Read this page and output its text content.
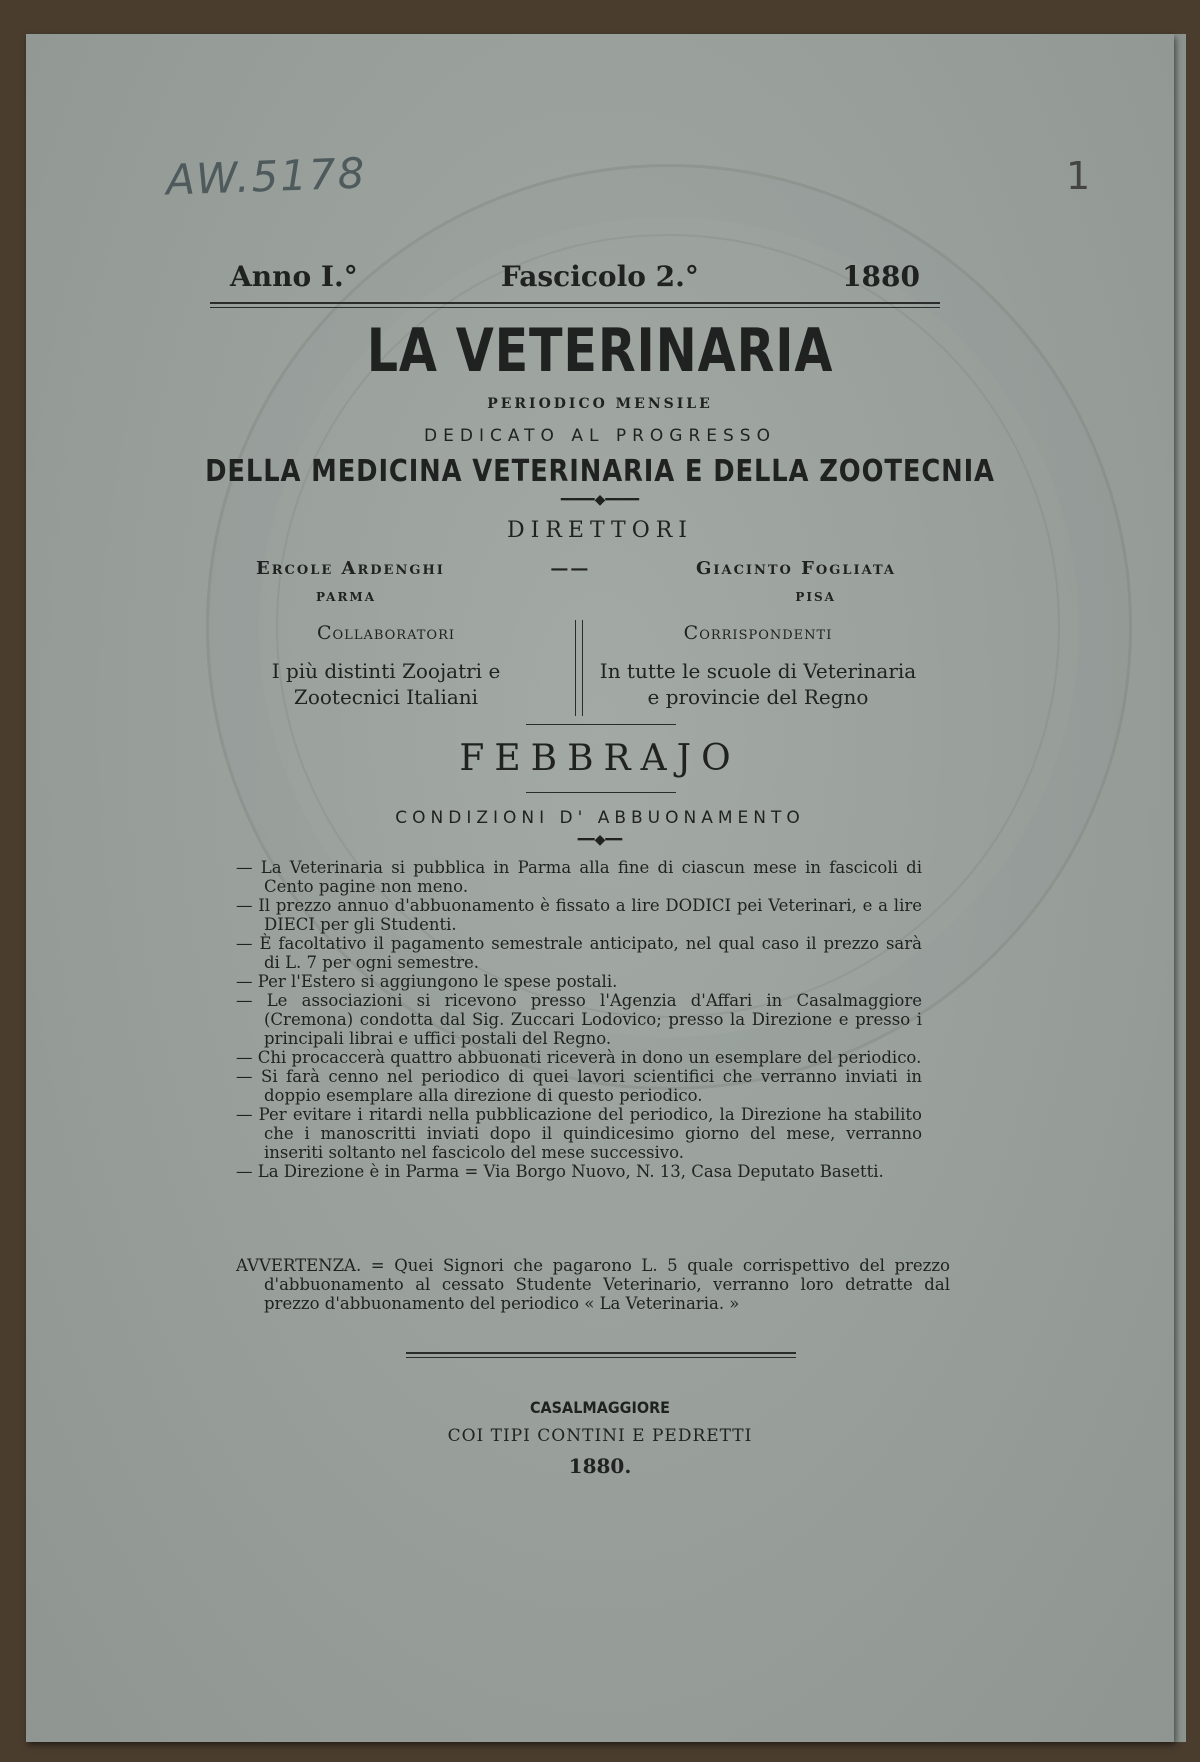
AW.5178	1
Anno I.°	Fascicolo 2.°	1880
LA VETERINARIA
PERIODICO MENSILE
DEDICATO AL PROGRESSO
DELLA MEDICINA VETERINARIA E DELLA ZOOTECNIA
━━━━◆━━━━
DIRETTORI
Ercole Ardenghi	——	Giacinto Fogliata
PARMA	PISA
Collaboratori
I più distinti Zoojatri e Zootecnici Italiani
Corrispondenti
In tutte le scuole di Veterinaria e provincie del Regno
FEBBRAJO
CONDIZIONI D' ABBUONAMENTO
━━◆━━
— La Veterinaria si pubblica in Parma alla fine di ciascun mese in fascicoli di Cento pagine non meno.
— Il prezzo annuo d'abbuonamento è fissato a lire DODICI pei Veterinari, e a lire DIECI per gli Studenti.
— È facoltativo il pagamento semestrale anticipato, nel qual caso il prezzo sarà di L. 7 per ogni semestre.
— Per l'Estero si aggiungono le spese postali.
— Le associazioni si ricevono presso l'Agenzia d'Affari in Casalmaggiore (Cremona) condotta dal Sig. Zuccari Lodovico; presso la Direzione e presso i principali librai e uffici postali del Regno.
— Chi procaccerà quattro abbuonati riceverà in dono un esemplare del periodico.
— Si farà cenno nel periodico di quei lavori scientifici che verranno inviati in doppio esemplare alla direzione di questo periodico.
— Per evitare i ritardi nella pubblicazione del periodico, la Direzione ha stabilito che i manoscritti inviati dopo il quindicesimo giorno del mese, verranno inseriti soltanto nel fascicolo del mese successivo.
— La Direzione è in Parma = Via Borgo Nuovo, N. 13, Casa Deputato Basetti.
AVVERTENZA. = Quei Signori che pagarono L. 5 quale corrispettivo del prezzo d'abbuonamento al cessato Studente Veterinario, verranno loro detratte dal prezzo d'abbuonamento del periodico « La Veterinaria. »
CASALMAGGIORE
COI TIPI CONTINI E PEDRETTI
1880.
